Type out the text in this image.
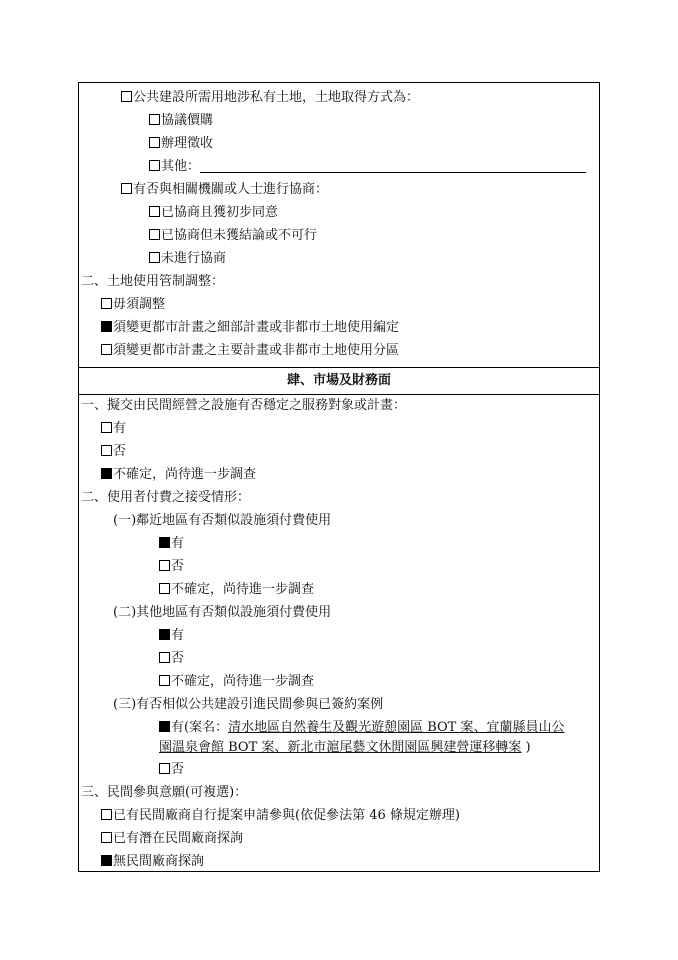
公共建設所需用地涉私有土地，土地取得方式為：
協議價購
辦理徵收
其他：
有否與相關機關或人士進行協商：
已協商且獲初步同意
已協商但未獲結論或不可行
未進行協商
二、土地使用管制調整：
毋須調整
須變更都市計畫之細部計畫或非都市土地使用編定
須變更都市計畫之主要計畫或非都市土地使用分區
肆、市場及財務面
一、擬交由民間經營之設施有否穩定之服務對象或計畫：
有
否
不確定，尚待進一步調查
二、使用者付費之接受情形：
(一)鄰近地區有否類似設施須付費使用
有
否
不確定，尚待進一步調查
(二)其他地區有否類似設施須付費使用
有
否
不確定，尚待進一步調查
(三)有否相似公共建設引進民間參與已簽約案例
有(案名：清水地區自然養生及觀光遊憩園區 BOT 案、宜蘭縣員山公
園溫泉會館 BOT 案、新北市滬尾藝文休閒園區興建營運移轉案 )
否
三、民間參與意願(可複選)：
已有民間廠商自行提案申請參與(依促參法第 46 條規定辦理)
已有潛在民間廠商探詢
無民間廠商探詢
